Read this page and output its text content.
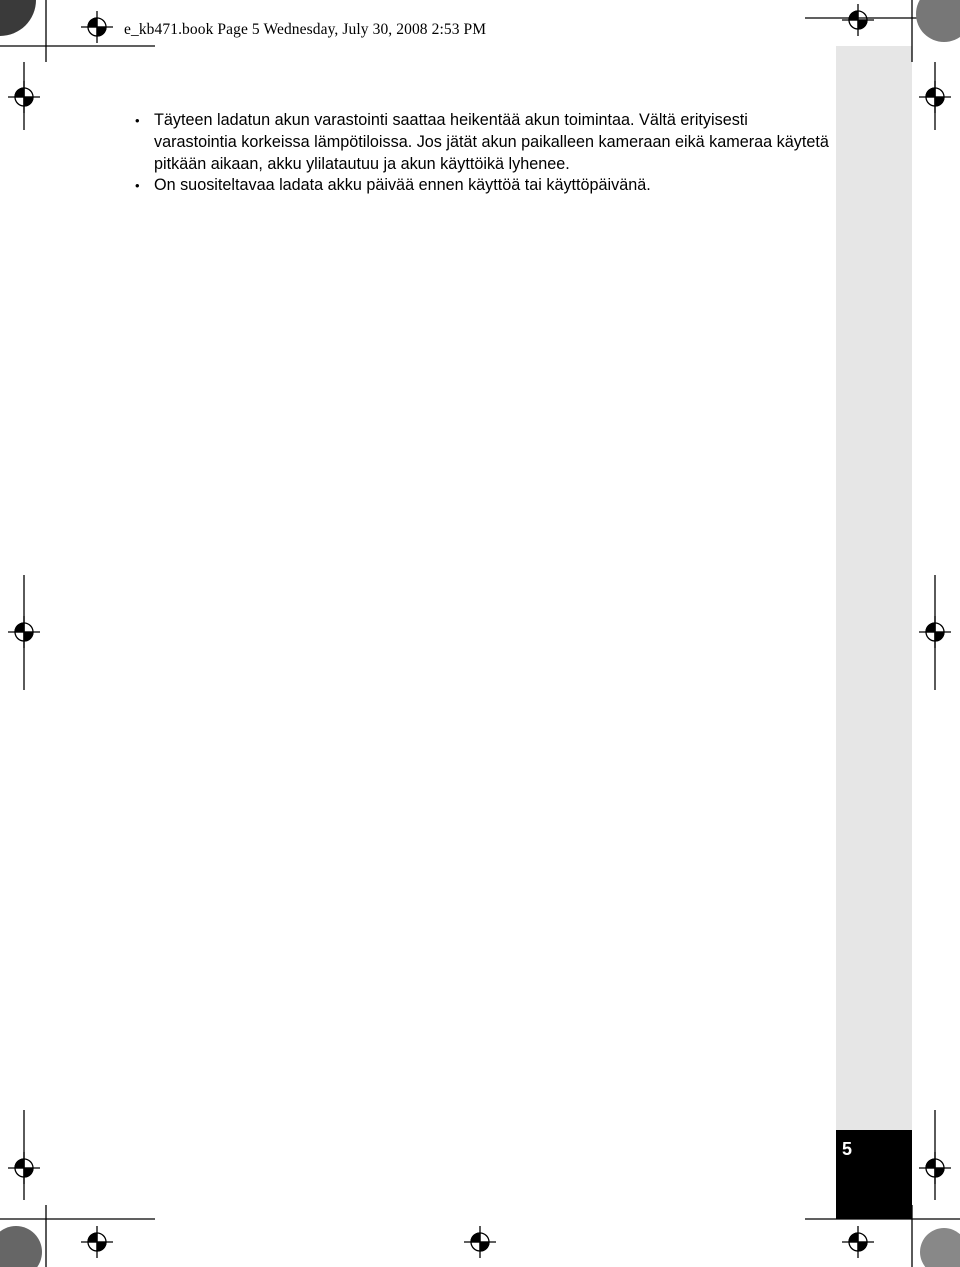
e_kb471.book Page 5 Wednesday, July 30, 2008 2:53 PM
5
• Täyteen ladatun akun varastointi saattaa heikentää akun toimintaa. Vältä erityisesti varastointia korkeissa lämpötiloissa. Jos jätät akun paikalleen kameraan eikä kameraa käytetä pitkään aikaan, akku ylilatautuu ja akun käyttöikä lyhenee.
• On suositeltavaa ladata akku päivää ennen käyttöä tai käyttöpäivänä.
